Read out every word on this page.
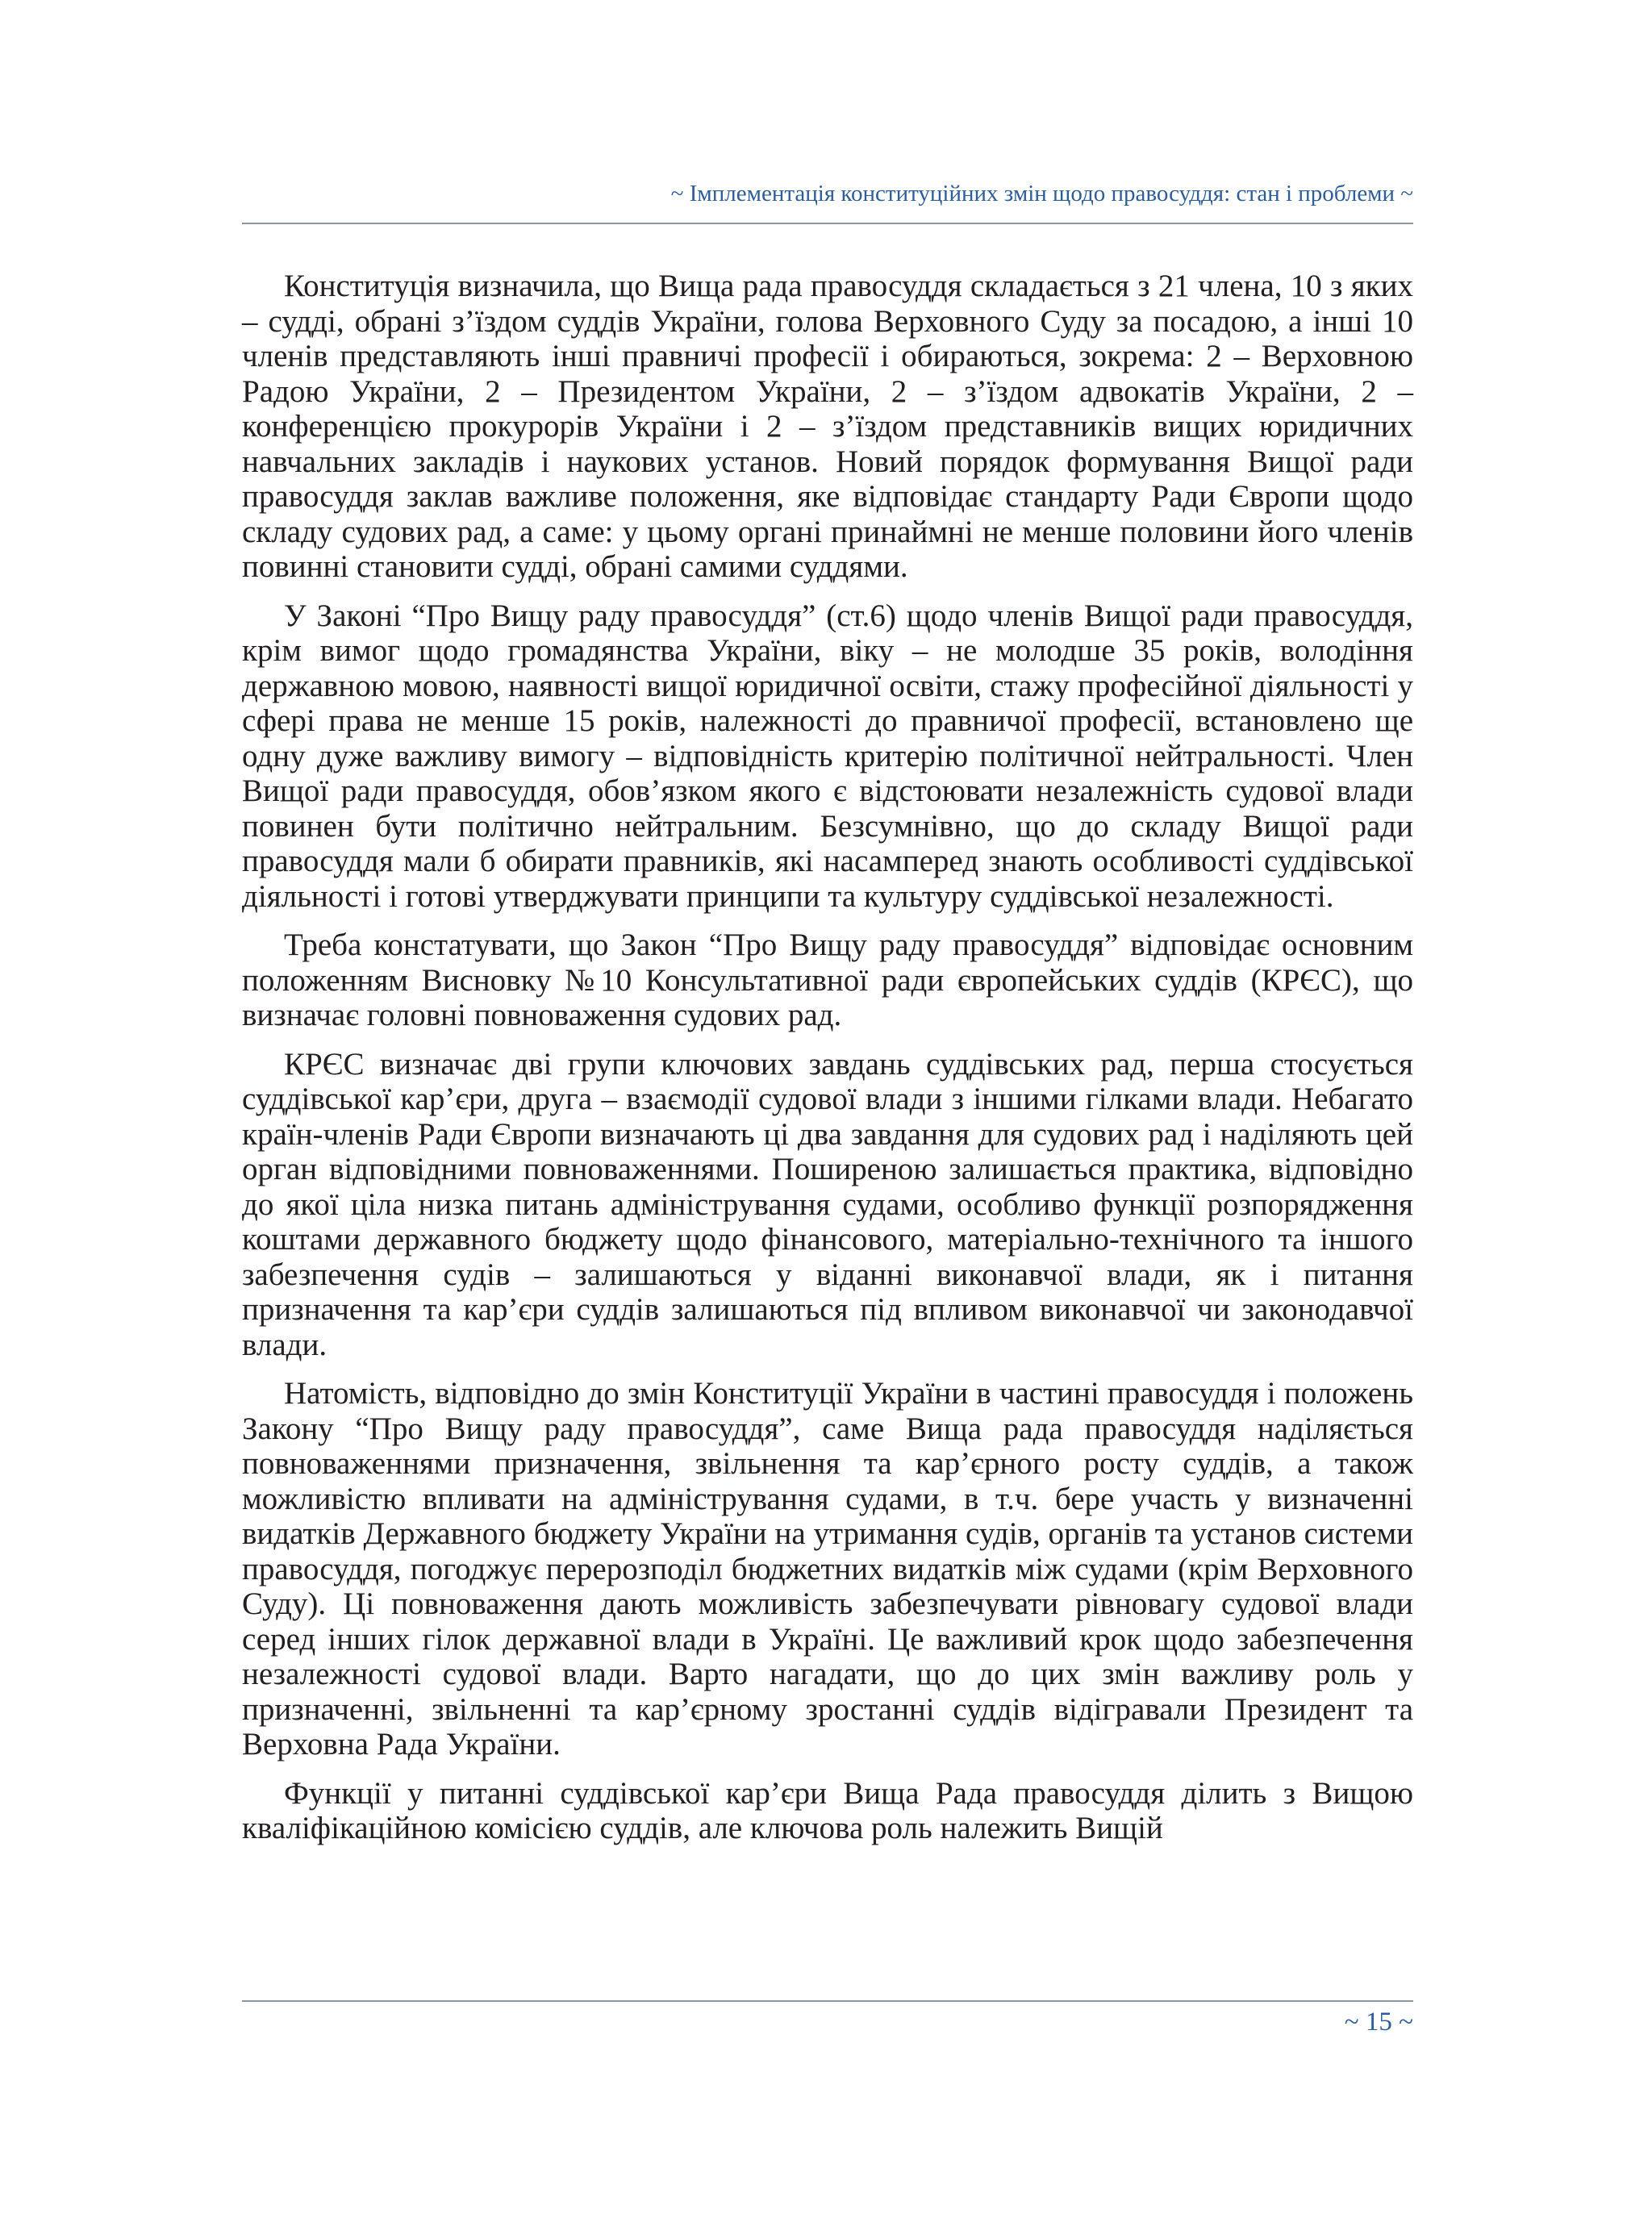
~ Імплементація конституційних змін щодо правосуддя: стан і проблеми ~

Конституція визначила, що Вища рада правосуддя складається з 21 члена, 10 з яких – судді, обрані з’їздом суддів України, голова Верховного Суду за посадою, а інші 10 членів представляють інші правничі професії і обираються, зокрема: 2 – Верховною Радою України, 2 – Президентом України, 2 – з’їздом адвокатів України, 2 – конференцією прокурорів України і 2 – з’їздом представників вищих юридичних навчальних закладів і наукових установ. Новий порядок формування Вищої ради правосуддя заклав важливе положення, яке відповідає стандарту Ради Європи щодо складу судових рад, а саме: у цьому органі принаймні не менше половини його членів повинні становити судді, обрані самими суддями.

У Законі “Про Вищу раду правосуддя” (ст.6) щодо членів Вищої ради правосуддя, крім вимог щодо громадянства України, віку – не молодше 35 років, володіння державною мовою, наявності вищої юридичної освіти, стажу професійної діяльності у сфері права не менше 15 років, належності до правничої професії, встановлено ще одну дуже важливу вимогу – відповідність критерію політичної нейтральності. Член Вищої ради правосуддя, обов’язком якого є відстоювати незалежність судової влади повинен бути політично нейтральним. Безсумнівно, що до складу Вищої ради правосуддя мали б обирати правників, які насамперед знають особливості суддівської діяльності і готові утверджувати принципи та культуру суддівської незалежності.

Треба констатувати, що Закон “Про Вищу раду правосуддя” відповідає основним положенням Висновку №10 Консультативної ради європейських суддів (КРЄС), що визначає головні повноваження судових рад.

КРЄС визначає дві групи ключових завдань суддівських рад, перша стосується суддівської кар’єри, друга – взаємодії судової влади з іншими гілками влади. Небагато країн-членів Ради Європи визначають ці два завдання для судових рад і наділяють цей орган відповідними повноваженнями. Поширеною залишається практика, відповідно до якої ціла низка питань адміністрування судами, особливо функції розпорядження коштами державного бюджету щодо фінансового, матеріально-технічного та іншого забезпечення судів – залишаються у віданні виконавчої влади, як і питання призначення та кар’єри суддів залишаються під впливом виконавчої чи законодавчої влади.

Натомість, відповідно до змін Конституції України в частині правосуддя і положень Закону “Про Вищу раду правосуддя”, саме Вища рада правосуддя наділяється повноваженнями призначення, звільнення та кар’єрного росту суддів, а також можливістю впливати на адміністрування судами, в т.ч. бере участь у визначенні видатків Державного бюджету України на утримання судів, органів та установ системи правосуддя, погоджує перерозподіл бюджетних видатків між судами (крім Верховного Суду). Ці повноваження дають можливість забезпечувати рівновагу судової влади серед інших гілок державної влади в Україні. Це важливий крок щодо забезпечення незалежності судової влади. Варто нагадати, що до цих змін важливу роль у призначенні, звільненні та кар’єрному зростанні суддів відігравали Президент та Верховна Рада України.

Функції у питанні суддівської кар’єри Вища Рада правосуддя ділить з Вищою кваліфікаційною комісією суддів, але ключова роль належить Вищій

~ 15 ~
